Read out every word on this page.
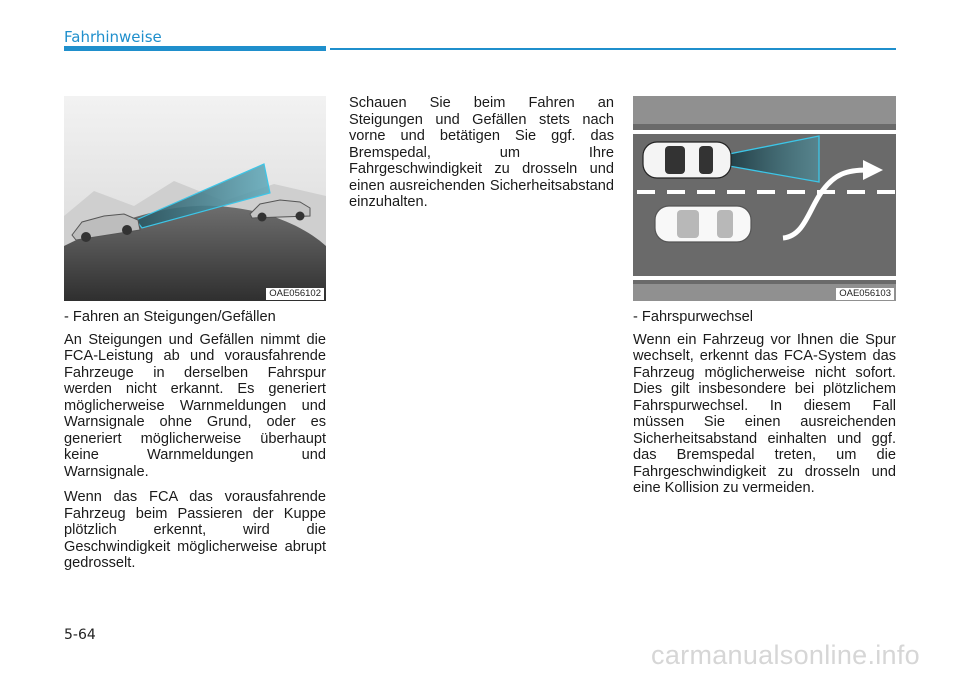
Fahrhinweise
OAE056102	OAE056103

- Fahren an Steigungen/Gefällen

An Steigungen und Gefällen nimmt die FCA-Leistung ab und vorausfahrende Fahrzeuge in derselben Fahrspur werden nicht erkannt. Es generiert möglicherweise Warnmeldungen und Warnsignale ohne Grund, oder es generiert möglicherweise überhaupt keine Warnmeldungen und Warnsignale.

Wenn das FCA das vorausfahrende Fahrzeug beim Passieren der Kuppe plötzlich erkennt, wird die Geschwindigkeit möglicherweise abrupt gedrosselt.

Schauen Sie beim Fahren an Steigungen und Gefällen stets nach vorne und betätigen Sie ggf. das Bremspedal, um Ihre Fahrgeschwindigkeit zu drosseln und einen ausreichenden Sicherheitsabstand einzuhalten.

- Fahrspurwechsel

Wenn ein Fahrzeug vor Ihnen die Spur wechselt, erkennt das FCA-System das Fahrzeug möglicherweise nicht sofort. Dies gilt insbesondere bei plötzlichem Fahrspurwechsel. In diesem Fall müssen Sie einen ausreichenden Sicherheitsabstand einhalten und ggf. das Bremspedal treten, um die Fahrgeschwindigkeit zu drosseln und eine Kollision zu vermeiden.

5-64
carmanualsonline.info
